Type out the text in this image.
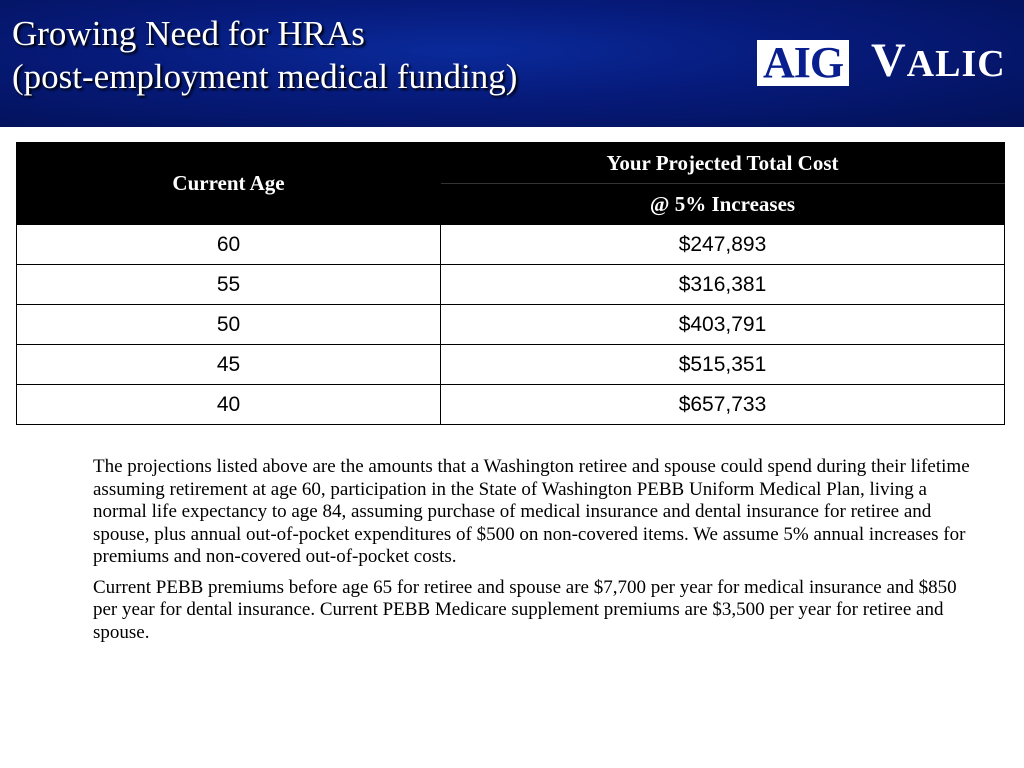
Growing Need for HRAs
(post-employment medical funding)	AIG VALIC
Current Age	Your Projected Total Cost
	@ 5% Increases
60	$247,893
55	$316,381
50	$403,791
45	$515,351
40	$657,733

The projections listed above are the amounts that a Washington retiree and spouse could spend during their lifetime assuming retirement at age 60, participation in the State of Washington PEBB Uniform Medical Plan, living a normal life expectancy to age 84, assuming purchase of medical insurance and dental insurance for retiree and spouse, plus annual out-of-pocket expenditures of $500 on non-covered items. We assume 5% annual increases for premiums and non-covered out-of-pocket costs.

Current PEBB premiums before age 65 for retiree and spouse are $7,700 per year for medical insurance and $850 per year for dental insurance. Current PEBB Medicare supplement premiums are $3,500 per year for retiree and spouse.
